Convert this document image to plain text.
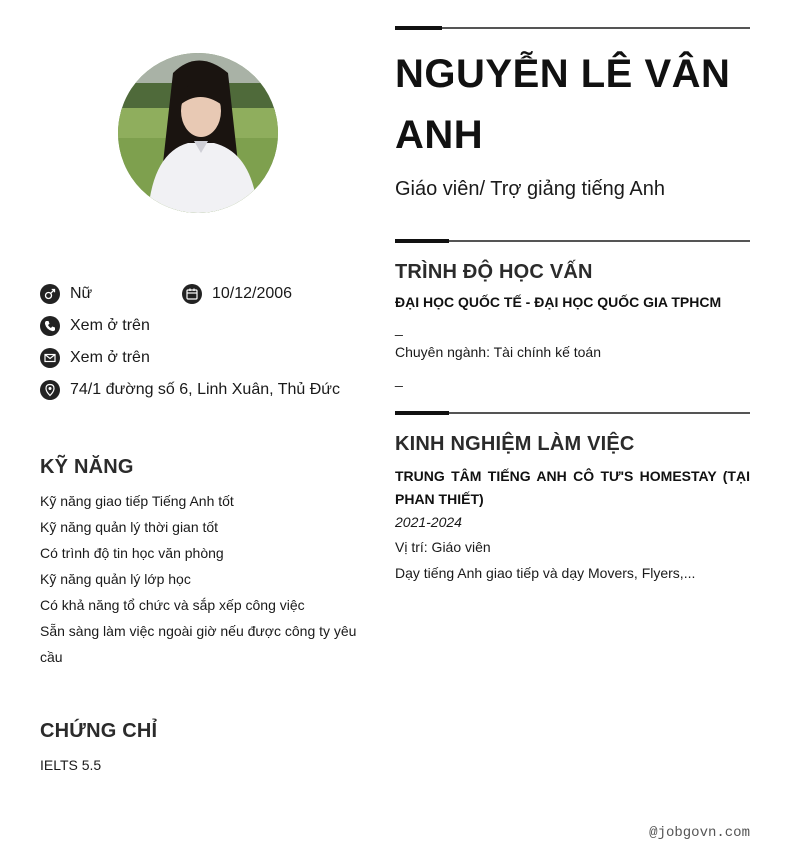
Nữ	10/12/2006
Xem ở trên
Xem ở trên
74/1 đường số 6, Linh Xuân, Thủ Đức
KỸ NĂNG
Kỹ năng giao tiếp Tiếng Anh tốt
Kỹ năng quản lý thời gian tốt
Có trình độ tin học văn phòng
Kỹ năng quản lý lớp học
Có khả năng tổ chức và sắp xếp công việc
Sẵn sàng làm việc ngoài giờ nếu được công ty yêu cầu
CHỨNG CHỈ
IELTS 5.5
NGUYỄN LÊ VÂN ANH
Giáo viên/ Trợ giảng tiếng Anh
TRÌNH ĐỘ HỌC VẤN
ĐẠI HỌC QUỐC TẾ - ĐẠI HỌC QUỐC GIA TPHCM
_
Chuyên ngành: Tài chính kế toán
_
KINH NGHIỆM LÀM VIỆC
TRUNG TÂM TIẾNG ANH CÔ TƯ'S HOMESTAY (TẠI PHAN THIẾT)
2021-2024
Vị trí: Giáo viên
Dạy tiếng Anh giao tiếp và dạy Movers, Flyers,...
@jobgovn.com
